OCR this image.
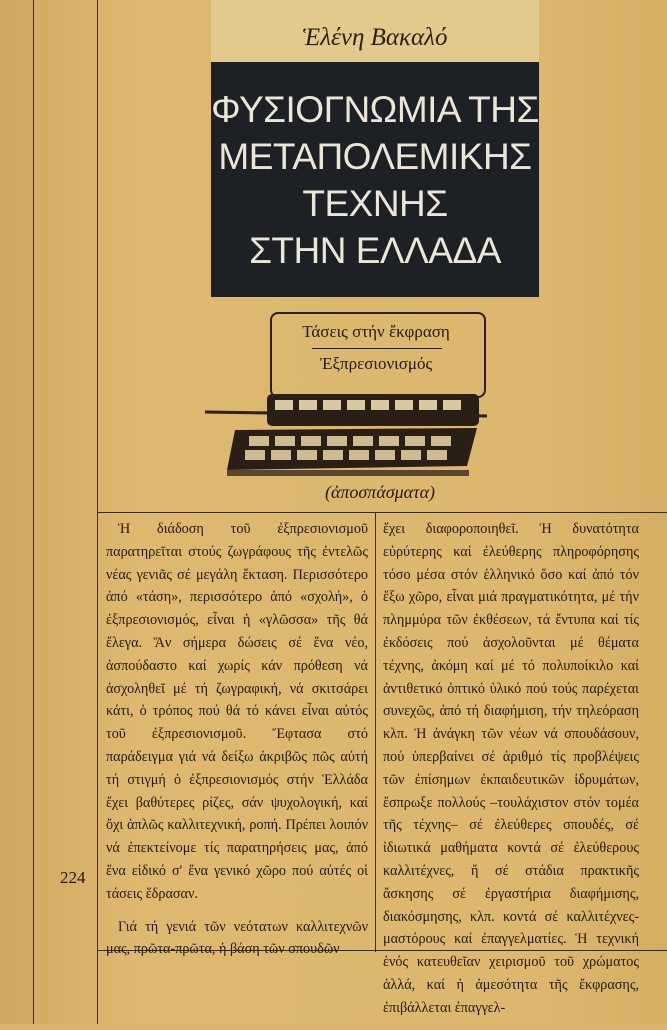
Ἑλένη Βακαλό
ΦΥΣΙΟΓΝΩΜΙΑ ΤΗΣ
ΜΕΤΑΠΟΛΕΜΙΚΗΣ
ΤΕΧΝΗΣ
ΣΤΗΝ ΕΛΛΑΔΑ
Τάσεις στήν ἔκφραση
Ἐξπρεσιονισμός
(ἀποσπάσματα)

Ἡ διάδοση τοῦ ἐξπρεσιονισμοῦ παρατηρεῖται στούς ζωγράφους τῆς ἐντελῶς νέας γενιᾶς σέ μεγάλη ἔκταση. Περισσότερο ἀπό «τάση», περισσότερο ἀπό «σχολή», ὁ ἐξπρεσιονισμός, εἶναι ἡ «γλῶσσα» τῆς θά ἔλεγα. Ἄν σήμερα δώσεις σέ ἕνα νέο, ἀσπούδαστο καί χωρίς κάν πρόθεση νά ἀσχοληθεῖ μέ τή ζωγραφική, νά σκιτσάρει κάτι, ὁ τρόπος πού θά τό κάνει εἶναι αὐτός τοῦ ἐξπρεσιονισμοῦ. Ἔφτασα στό παράδειγμα γιά νά δείξω ἀκριβῶς πῶς αὐτή τή στιγμή ὁ ἐξπρεσιονισμός στήν Ἑλλάδα ἔχει βαθύτερες ρίζες, σάν ψυχολογική, καί ὄχι ἁπλῶς καλλιτεχνική, ροπή. Πρέπει λοιπόν νά ἐπεκτείνομε τίς παρατηρήσεις μας, ἀπό ἕνα εἰδικό σ' ἕνα γενικό χῶρο πού αὐτές οἱ τάσεις ἕδρασαν.

Γιά τή γενιά τῶν νεότατων καλλιτεχνῶν μας, πρῶτα-πρῶτα, ἡ βάση τῶν σπουδῶν

ἔχει διαφοροποιηθεῖ. Ἡ δυνατότητα εὐρύτερης καί ἐλεύθερης πληροφόρησης τόσο μέσα στόν ἑλληνικό ὅσο καί ἀπό τόν ἔξω χῶρο, εἶναι μιά πραγματικότητα, μέ τήν πλημμύρα τῶν ἐκθέσεων, τά ἔντυπα καί τίς ἐκδόσεις πού ἀσχολοῦνται μέ θέματα τέχνης, ἀκόμη καί μέ τό πολυποίκιλο καί ἀντιθετικό ὀπτικό ὑλικό πού τούς παρέχεται συνεχῶς, ἀπό τή διαφήμιση, τήν τηλεόραση κλπ. Ἡ ἀνάγκη τῶν νέων νά σπουδάσουν, πού ὑπερβαίνει σέ ἀριθμό τίς προβλέψεις τῶν ἐπίσημων ἐκπαιδευτικῶν ἱδρυμάτων, ἔσπρωξε πολλούς –τουλάχιστον στόν τομέα τῆς τέχνης– σέ ἐλεύθερες σπουδές, σέ ἰδιωτικά μαθήματα κοντά σέ ἐλεύθερους καλλιτέχνες, ἤ σέ στάδια πρακτικῆς ἄσκησης σέ ἐργαστήρια διαφήμισης, διακόσμησης, κλπ. κοντά σέ καλλιτέχνες-μαστόρους καί ἐπαγγελματίες. Ἡ τεχνική ἑνός κατευθεῖαν χειρισμοῦ τοῦ χρώματος ἀλλά, καί ἡ ἀμεσότητα τῆς ἔκφρασης, ἐπιβάλλεται ἐπαγγελ-

224
